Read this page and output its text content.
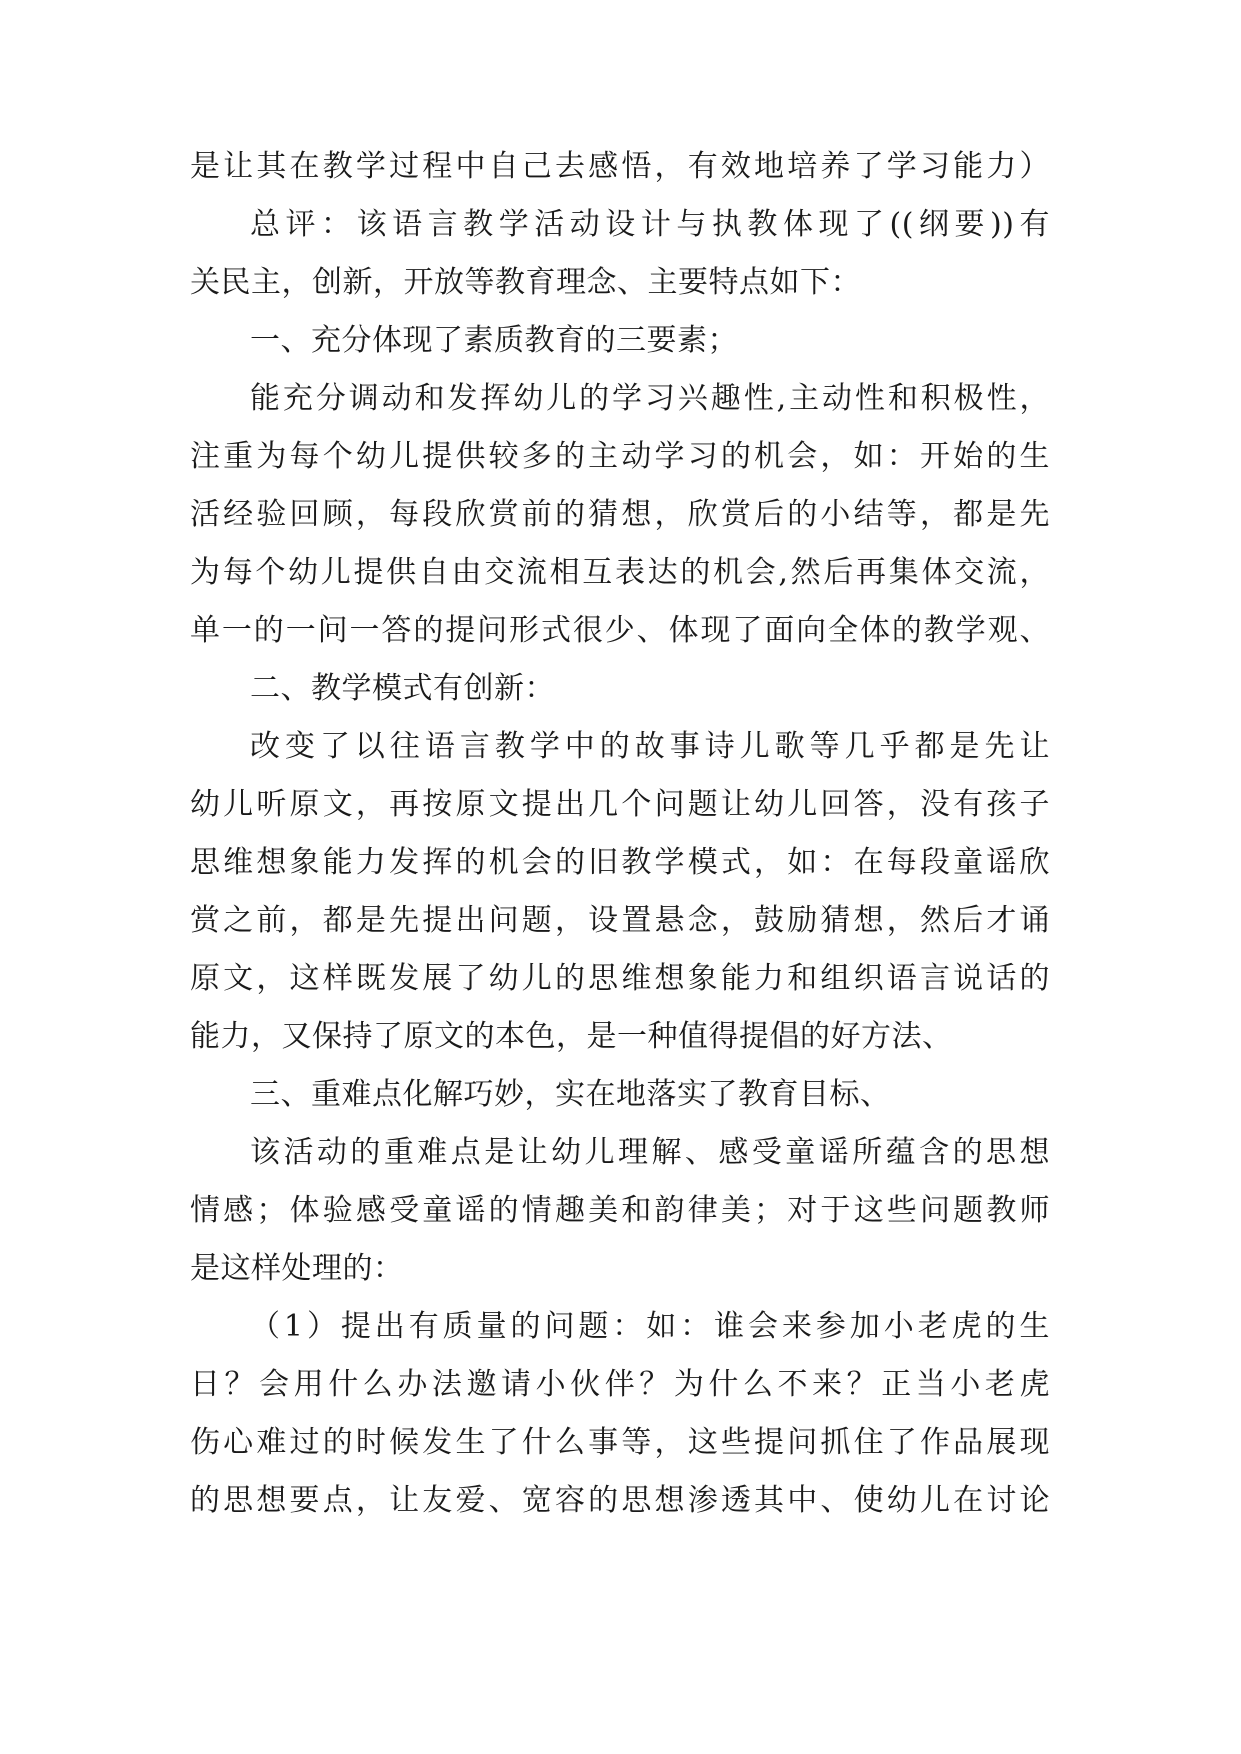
是让其在教学过程中自己去感悟，有效地培养了学习能力）
总评：该语言教学活动设计与执教体现了((纲要))有
关民主，创新，开放等教育理念、主要特点如下：
一、充分体现了素质教育的三要素；
能充分调动和发挥幼儿的学习兴趣性,主动性和积极性，
注重为每个幼儿提供较多的主动学习的机会，如：开始的生
活经验回顾，每段欣赏前的猜想，欣赏后的小结等，都是先
为每个幼儿提供自由交流相互表达的机会,然后再集体交流，
单一的一问一答的提问形式很少、体现了面向全体的教学观、
二、教学模式有创新：
改变了以往语言教学中的故事诗儿歌等几乎都是先让
幼儿听原文，再按原文提出几个问题让幼儿回答，没有孩子
思维想象能力发挥的机会的旧教学模式，如：在每段童谣欣
赏之前，都是先提出问题，设置悬念，鼓励猜想，然后才诵
原文，这样既发展了幼儿的思维想象能力和组织语言说话的
能力，又保持了原文的本色，是一种值得提倡的好方法、
三、重难点化解巧妙，实在地落实了教育目标、
该活动的重难点是让幼儿理解、感受童谣所蕴含的思想
情感；体验感受童谣的情趣美和韵律美；对于这些问题教师
是这样处理的：
（1）提出有质量的问题：如：谁会来参加小老虎的生
日？会用什么办法邀请小伙伴？为什么不来？正当小老虎
伤心难过的时候发生了什么事等，这些提问抓住了作品展现
的思想要点，让友爱、宽容的思想渗透其中、使幼儿在讨论
